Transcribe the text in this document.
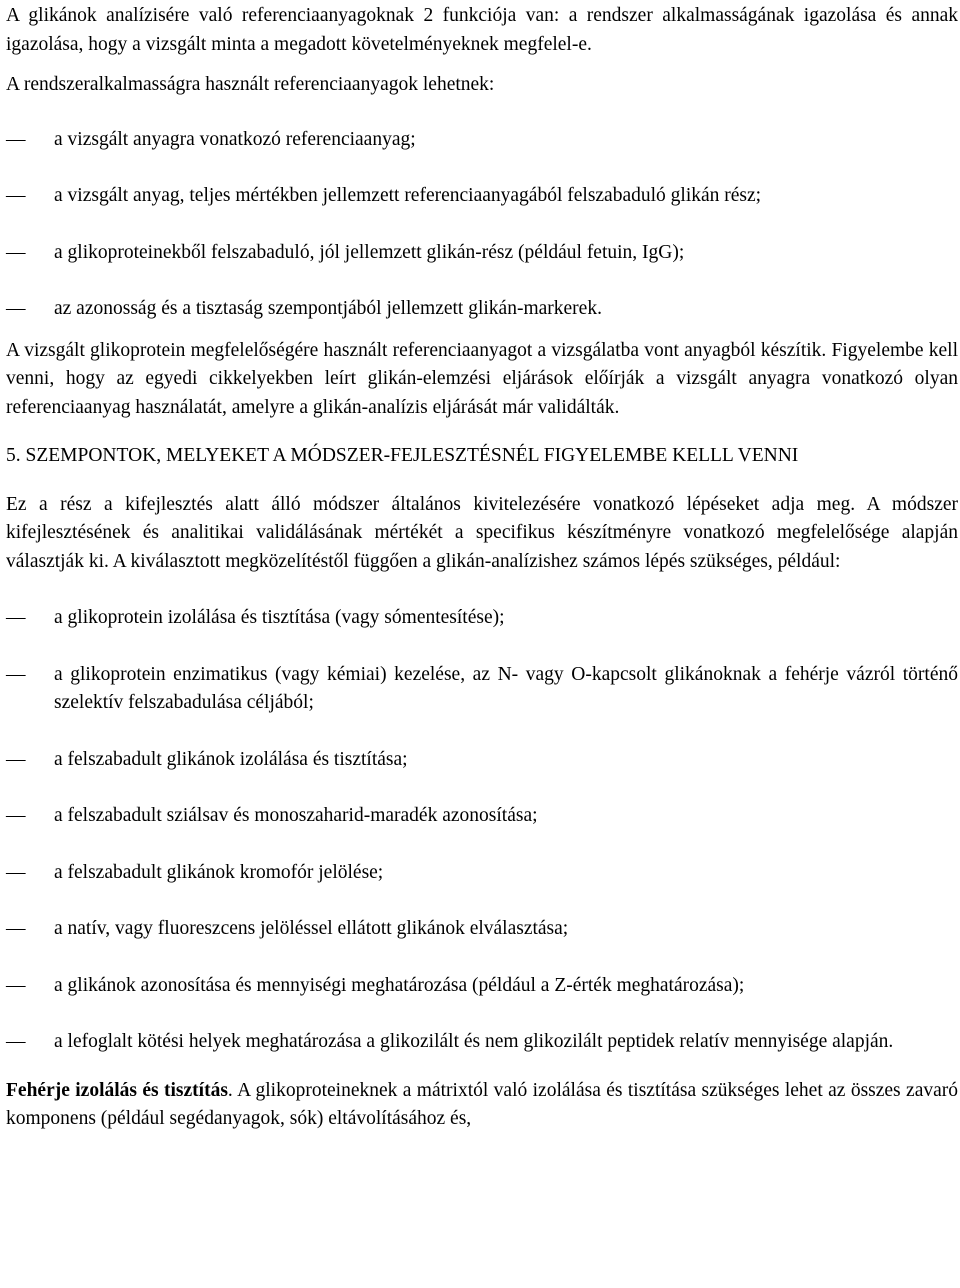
A glikánok analízisére való referenciaanyagoknak 2 funkciója van: a rendszer alkalmasságának igazolása és annak igazolása, hogy a vizsgált minta a megadott követelményeknek megfelel-e.

A rendszeralkalmasságra használt referenciaanyagok lehetnek:

—	a vizsgált anyagra vonatkozó referenciaanyag;
—	a vizsgált anyag, teljes mértékben jellemzett referenciaanyagából felszabaduló glikán rész;
—	a glikoproteinekből felszabaduló, jól jellemzett glikán-rész (például fetuin, IgG);
—	az azonosság és a tisztaság szempontjából jellemzett glikán-markerek.

A vizsgált glikoprotein megfelelőségére használt referenciaanyagot a vizsgálatba vont anyagból készítik. Figyelembe kell venni, hogy az egyedi cikkelyekben leírt glikán-elemzési eljárások előírják a vizsgált anyagra vonatkozó olyan referenciaanyag használatát, amelyre a glikán-analízis eljárását már validálták.

5. SZEMPONTOK, MELYEKET A MÓDSZER-FEJLESZTÉSNÉL FIGYELEMBE KELLL VENNI

Ez a rész a kifejlesztés alatt álló módszer általános kivitelezésére vonatkozó lépéseket adja meg. A módszer kifejlesztésének és analitikai validálásának mértékét a specifikus készítményre vonatkozó megfelelősége alapján választják ki. A kiválasztott megközelítéstől függően a glikán-analízishez számos lépés szükséges, például:

—	a glikoprotein izolálása és tisztítása (vagy sómentesítése);
—	a glikoprotein enzimatikus (vagy kémiai) kezelése, az N- vagy O-kapcsolt glikánoknak a fehérje vázról történő szelektív felszabadulása céljából;
—	a felszabadult glikánok izolálása és tisztítása;
—	a felszabadult sziálsav és monoszaharid-maradék azonosítása;
—	a felszabadult glikánok kromofór jelölése;
—	a natív, vagy fluoreszcens jelöléssel ellátott glikánok elválasztása;
—	a glikánok azonosítása és mennyiségi meghatározása (például a Z-érték meghatározása);
—	a lefoglalt kötési helyek meghatározása a glikozilált és nem glikozilált peptidek relatív mennyisége alapján.

Fehérje izolálás és tisztítás. A glikoproteineknek a mátrixtól való izolálása és tisztítása szükséges lehet az összes zavaró komponens (például segédanyagok, sók) eltávolításához és,
